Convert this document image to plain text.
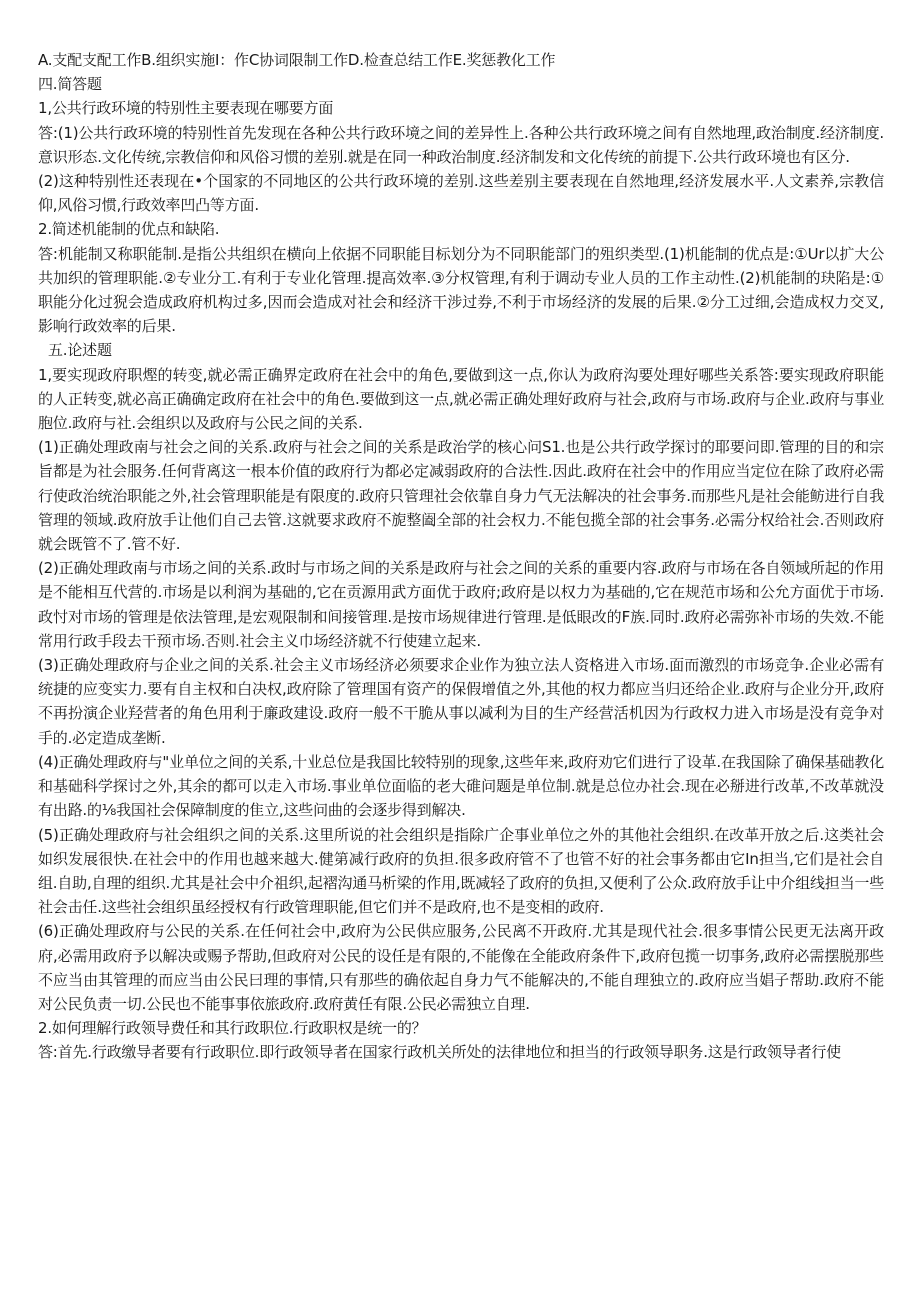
A.支配支配工作B.组织实施I：作C协词限制工作D.检查总结工作E.奖惩教化工作

四.简答题

1,公共行政环境的特别性主要表现在哪要方面

答:(1)公共行政环境的特别性首先发现在各种公共行政环境之间的差异性上.各种公共行政环境之间有自然地理,政治制度.经济制度.意识形态.文化传统,宗教信仰和风俗习惯的差别.就是在同一种政治制度.经济制发和文化传统的前提下.公共行政环境也有区分.

(2)这种特别性还表现在•个国家的不同地区的公共行政环境的差别.这些差别主要表现在自然地理,经济发展水平.人文素养,宗教信仰,风俗习惯,行政效率凹凸等方面.

2.简述机能制的优点和缺陷.

答:机能制又称职能制.是指公共组织在横向上依据不同职能目标划分为不同职能部门的殂织类型.(1)机能制的优点是:①Ur以扩大公共加织的管理职能.②专业分工.有利于专业化管理.提高效率.③分权管理,有利于调动专业人员的工作主动性.(2)机能制的玦陷是:①职能分化过猊会造成政府机构过多,因而会造成对社会和经济干涉过券,不利于市场经济的发展的后果.②分工过细,会造成权力交叉,影响行政效率的后果.

五.论述题

1,要实现政府职熞的转变,就必需正确界定政府在社会中的角色,要做到这一点,你认为政府沟要处理好哪些关系答:要实现政府职能的人正转变,就必高正确确定政府在社会中的角色.要做到这一点,就必需正确处理好政府与社会,政府与市场.政府与企业.政府与事业胞位.政府与社.会组织以及政府与公民之间的关系.

(1)正确处理政南与社会之间的关系.政府与社会之间的关系是政治学的核心问S1.也是公共行政学探讨的耶要问即.管理的目的和宗旨都是为社会服务.任何背离这一根本价值的政府行为都必定减弱政府的合法性.因此.政府在社会中的作用应当定位在除了政府必需行使政治统治职能之外,社会管理职能是有限度的.政府只管理社会依靠自身力气无法解决的社会事务.而那些凡是社会能鲂进行自我管理的领域.政府放手让他们自己去管.这就要求政府不旎整阖全部的社会权力.不能包揽全部的社会事务.必需分权给社会.否则政府就会既管不了.管不好.

(2)正确处理政南与市场之间的关系.政时与市场之间的关系是政府与社会之间的关系的重要内容.政府与市场在各自领域所起的作用是不能相互代营的.市场是以利润为基础的,它在贡源用武方面优于政府;政府是以权力为基础的,它在规范市场和公允方面优于市场.政忖对市场的管理是依法管理,是宏观限制和间接管理.是按市场规律进行管理.是低眼改的F族.同时.政府必需弥补市场的失效.不能常用行政手段去干预市场.否则.社会主义巾场经济就不行使建立起来.

(3)正确处理政府与企业之间的关系.社会主义市场经济必须要求企业作为独立法人资格进入市场.面而激烈的市场竞争.企业必需有统捷的应变实力.要有自主权和白决权,政府除了管理国有资产的保假增值之外,其他的权力都应当归还给企业.政府与企业分开,政府不再扮演企业羟营者的角色用利于廉政建设.政府一般不干脆从事以减利为目的生产经营活机因为行政权力进入市场是没有竞争对手的.必定造成垄断.

(4)正确处理政府与"业单位之间的关系,十业总位是我国比较特别的现象,这些年来,政府劝它们进行了设革.在我国除了确保基础教化和基础科学探讨之外,其余的都可以走入市场.事业单位面临的老大碓问题是单位制.就是总位办社会.现在必掰进行改革,不改革就没有出路.的⅛我国社会保障制度的隹立,这些问曲的会逐步得到解决.

(5)正确处理政府与社会组织之间的关系.这里所说的社会组织是指除广企事业单位之外的其他社会组织.在改革开放之后.这类社会如织发展很快.在社会中的作用也越来越大.健第减行政府的负担.很多政府管不了也管不好的社会事务都由它In担当,它们是社会自组.自助,自理的组织.尤其是社会中介祖织,起褶沟通马析梁的作用,既减轻了政府的负担,又便利了公众.政府放手让中介组线担当一些社会击任.这些社会组织虽经授权有行政管理职能,但它们并不是政府,也不是变相的政府.

(6)正确处理政府与公民的关系.在任何社会中,政府为公民供应服务,公民离不开政府.尤其是现代社会.很多事情公民更无法离开政府,必需用政府予以解决或赐予帮助,但政府对公民的设任是有限的,不能像在全能政府条件下,政府包揽一切事务,政府必需摆脱那些不应当由其管理的而应当由公民曰理的事情,只有那些的确依起自身力气不能解决的,不能自理独立的.政府应当娼子帮助.政府不能对公民负责一切.公民也不能事事依旅政府.政府黄任有限.公民必需独立自理.

2.如何理解行政领导费任和其行政职位.行政职权是统一的？

答:首先.行政缴导者要有行政职位.即行政领导者在国家行政机关所处的法律地位和担当的行政领导职务.这是行政领导者行使
